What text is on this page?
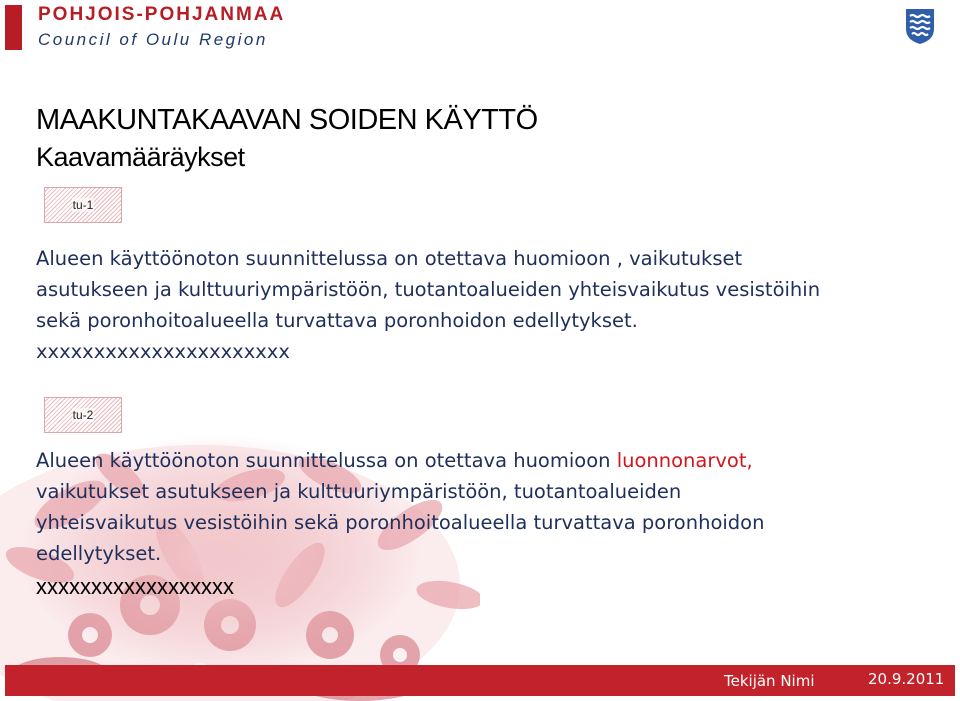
POHJOIS-POHJANMAA
Council of Oulu Region
MAAKUNTAKAAVAN SOIDEN KÄYTTÖ
Kaavamääräykset
tu-1
Alueen käyttöönoton suunnittelussa on otettava huomioon , vaikutukset
asutukseen ja kulttuuriympäristöön, tuotantoalueiden yhteisvaikutus vesistöihin
sekä poronhoitoalueella turvattava poronhoidon edellytykset.
xxxxxxxxxxxxxxxxxxxxxx
tu-2
Alueen käyttöönoton suunnittelussa on otettava huomioon luonnonarvot,
vaikutukset asutukseen ja kulttuuriympäristöön, tuotantoalueiden
yhteisvaikutus vesistöihin sekä poronhoitoalueella turvattava poronhoidon
edellytykset.
xxxxxxxxxxxxxxxxxx
Tekijän Nimi	20.9.2011
